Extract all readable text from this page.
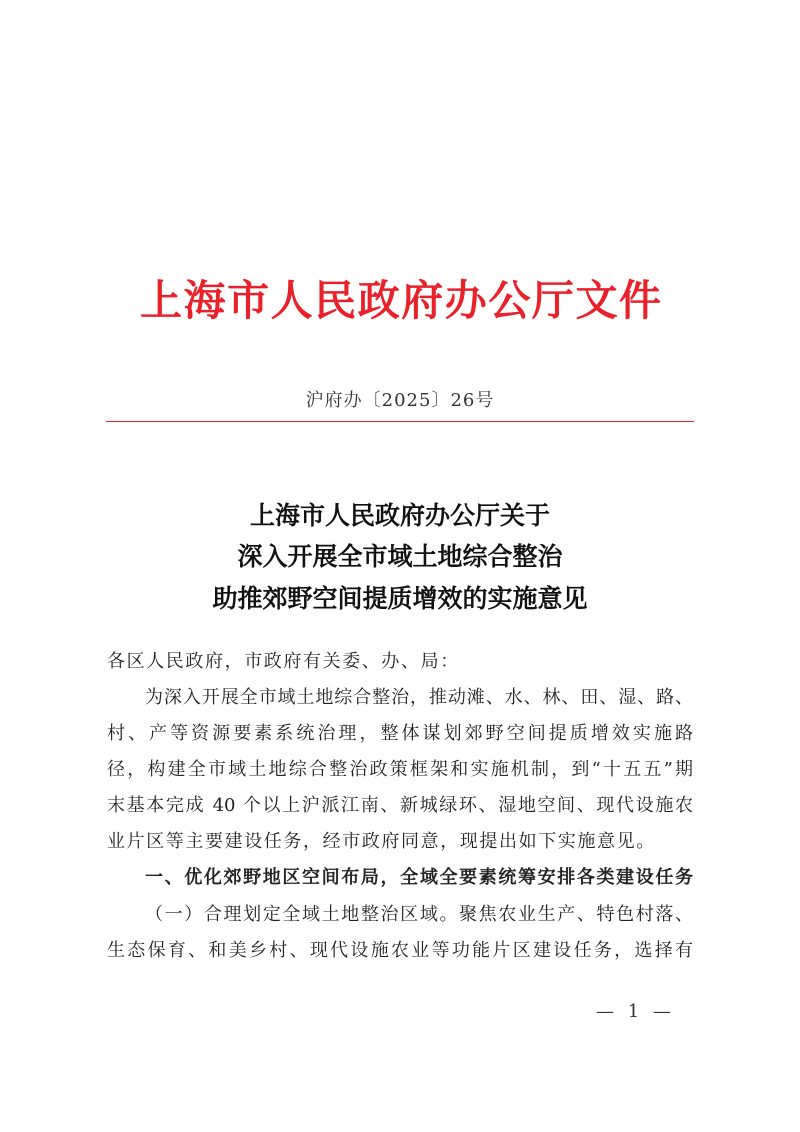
上海市人民政府办公厅文件
沪府办〔2025〕26号
上海市人民政府办公厅关于
深入开展全市域土地综合整治
助推郊野空间提质增效的实施意见
各区人民政府，市政府有关委、办、局：
为深入开展全市域土地综合整治，推动滩、水、林、田、湿、路、
村、产等资源要素系统治理，整体谋划郊野空间提质增效实施路
径，构建全市域土地综合整治政策框架和实施机制，到“十五五”期
末基本完成 40 个以上沪派江南、新城绿环、湿地空间、现代设施农
业片区等主要建设任务，经市政府同意，现提出如下实施意见。
一、优化郊野地区空间布局，全域全要素统筹安排各类建设任务
（一）合理划定全域土地整治区域。聚焦农业生产、特色村落、
生态保育、和美乡村、现代设施农业等功能片区建设任务，选择有
— 1 —
